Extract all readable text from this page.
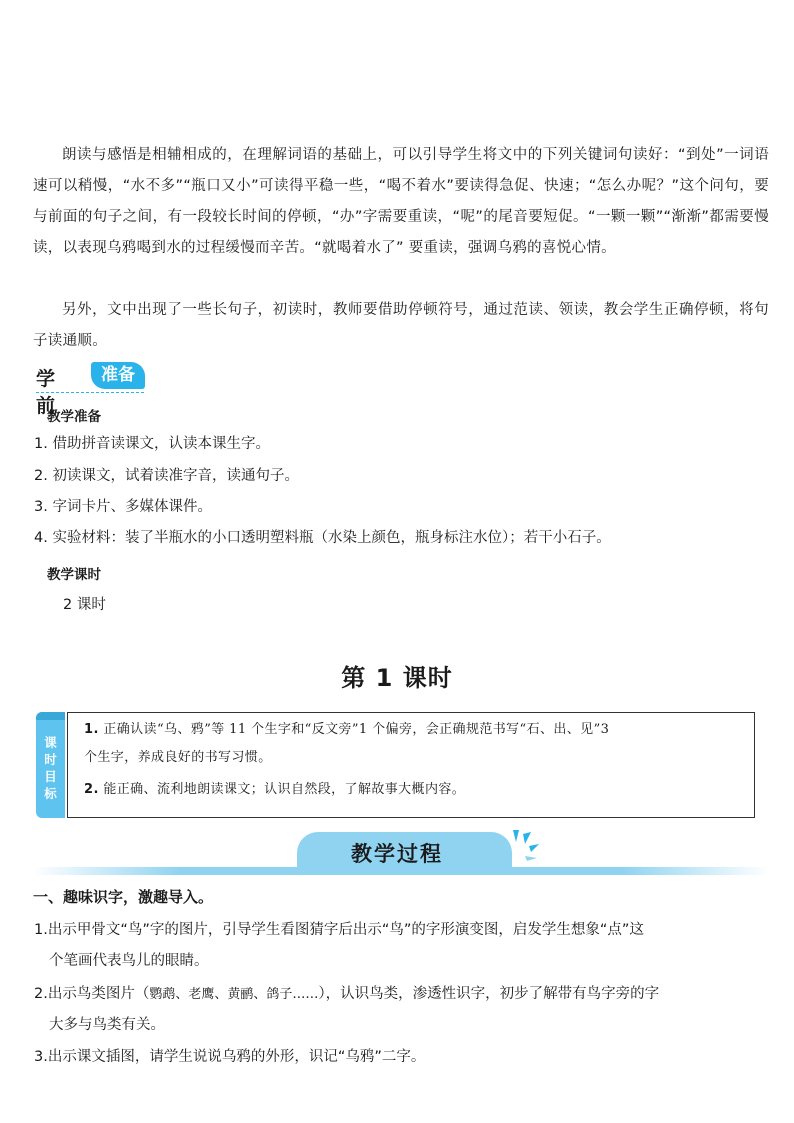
朗读与感悟是相辅相成的，在理解词语的基础上，可以引导学生将文中的下列关键词句读好：“到处”一词语速可以稍慢，“水不多”“瓶口又小”可读得平稳一些，“喝不着水”要读得急促、快速；“怎么办呢？”这个问句，要与前面的句子之间，有一段较长时间的停顿，“办”字需要重读，“呢”的尾音要短促。“一颗一颗”“渐渐”都需要慢读，以表现乌鸦喝到水的过程缓慢而辛苦。“就喝着水了” 要重读，强调乌鸦的喜悦心情。

另外，文中出现了一些长句子，初读时，教师要借助停顿符号，通过范读、领读，教会学生正确停顿，将句子读通顺。

学前
准备
教学准备
1. 借助拼音读课文，认读本课生字。
2. 初读课文，试着读准字音，读通句子。
3. 字词卡片、多媒体课件。
4. 实验材料：装了半瓶水的小口透明塑料瓶（水染上颜色，瓶身标注水位）；若干小石子。
教学课时
2 课时
第 1 课时
课
时
目
标
1. 正确认读“乌、鸦”等 11 个生字和“反文旁”1 个偏旁，会正确规范书写“石、出、见”3
个生字，养成良好的书写习惯。
2. 能正确、流利地朗读课文；认识自然段，了解故事大概内容。
教学过程
一、趣味识字，激趣导入。
1.出示甲骨文“鸟”字的图片，引导学生看图猜字后出示“鸟”的字形演变图，启发学生想象“点”这
个笔画代表鸟儿的眼睛。
2.出示鸟类图片（鹦鹉、老鹰、黄鹂、鸽子……），认识鸟类，渗透性识字，初步了解带有鸟字旁的字
大多与鸟类有关。
3.出示课文插图，请学生说说乌鸦的外形，识记“乌鸦”二字。
